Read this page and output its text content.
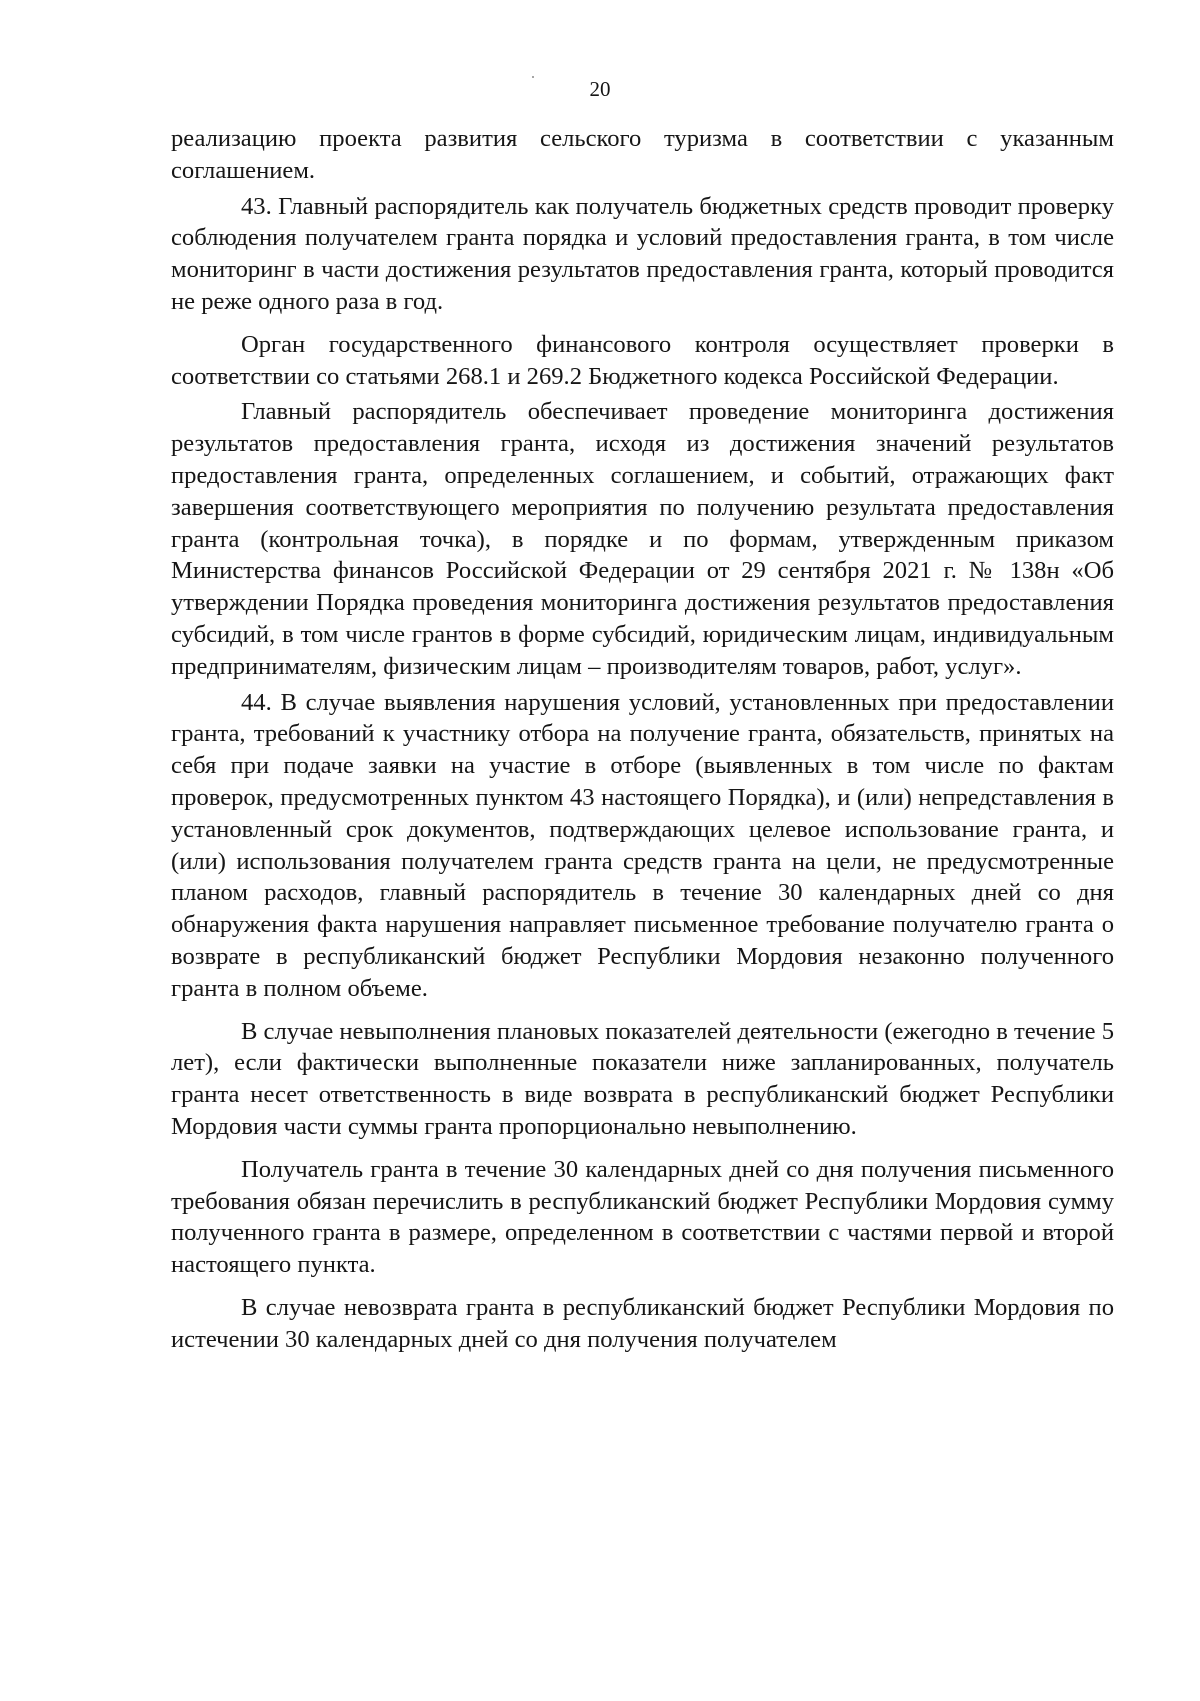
20

реализацию проекта развития сельского туризма в соответствии с указанным соглашением.

43. Главный распорядитель как получатель бюджетных средств проводит проверку соблюдения получателем гранта порядка и условий предоставления гранта, в том числе мониторинг в части достижения результатов предоставления гранта, который проводится не реже одного раза в год.

Орган государственного финансового контроля осуществляет проверки в соответствии со статьями 268.1 и 269.2 Бюджетного кодекса Российской Федерации.

Главный распорядитель обеспечивает проведение мониторинга достижения результатов предоставления гранта, исходя из достижения значений результатов предоставления гранта, определенных соглашением, и событий, отражающих факт завершения соответствующего мероприятия по получению результата предоставления гранта (контрольная точка), в порядке и по формам, утвержденным приказом Министерства финансов Российской Федерации от 29 сентября 2021 г. № 138н «Об утверждении Порядка проведения мониторинга достижения результатов предоставления субсидий, в том числе грантов в форме субсидий, юридическим лицам, индивидуальным предпринимателям, физическим лицам – производителям товаров, работ, услуг».

44. В случае выявления нарушения условий, установленных при предоставлении гранта, требований к участнику отбора на получение гранта, обязательств, принятых на себя при подаче заявки на участие в отборе (выявленных в том числе по фактам проверок, предусмотренных пунктом 43 настоящего Порядка), и (или) непредставления в установленный срок документов, подтверждающих целевое использование гранта, и (или) использования получателем гранта средств гранта на цели, не предусмотренные планом расходов, главный распорядитель в течение 30 календарных дней со дня обнаружения факта нарушения направляет письменное требование получателю гранта о возврате в республиканский бюджет Республики Мордовия незаконно полученного гранта в полном объеме.

В случае невыполнения плановых показателей деятельности (ежегодно в течение 5 лет), если фактически выполненные показатели ниже запланированных, получатель гранта несет ответственность в виде возврата в республиканский бюджет Республики Мордовия части суммы гранта пропорционально невыполнению.

Получатель гранта в течение 30 календарных дней со дня получения письменного требования обязан перечислить в республиканский бюджет Республики Мордовия сумму полученного гранта в размере, определенном в соответствии с частями первой и второй настоящего пункта.

В случае невозврата гранта в республиканский бюджет Республики Мордовия по истечении 30 календарных дней со дня получения получателем
